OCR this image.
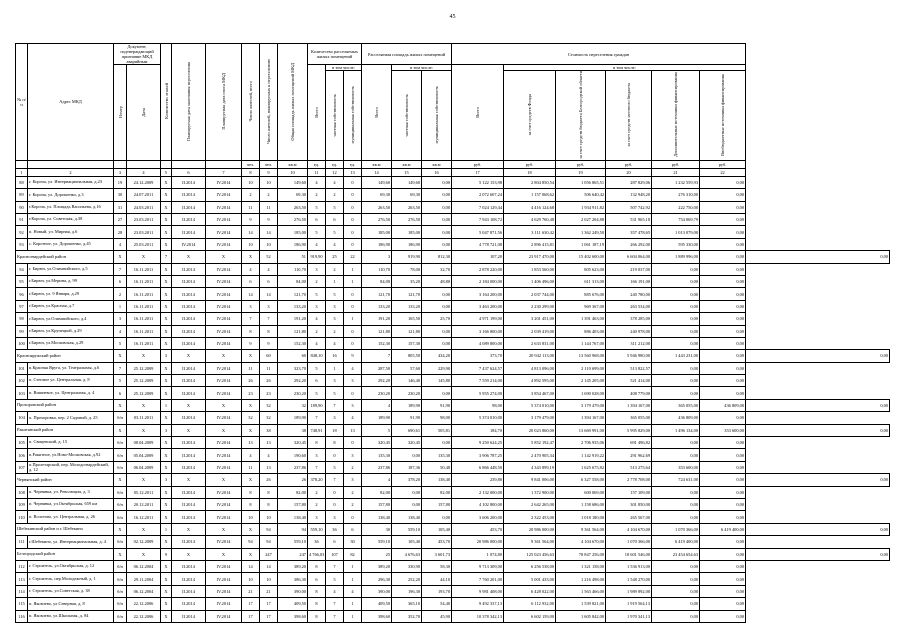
45
№ п/п	Адрес МКД	Документ, подтверждающий признание МКД аварийным		Количество этажей	Планируемая дата окончания переселения	Планируемая дата сноса МКД	Число жителей, всего	Число жителей, планируемых к переселению	Общая площадь жилых помещений МКД	Количество расселяемых жилых помещений			Расселяемая площадь жилых помещений			Стоимость переселения граждан						
		Номер	Дата							Всего	в том числе:		Всего	в том числе:		Всего	в том числе:					
											частная собственность	муниципальная собственность		частная собственность	муниципальная собственность		за счет средств Фонда	за счет средств бюджета Белгородской области	за счет средств местного бюджета	Дополнительные источники финансирования	Внебюджетные источники финансирования	
							чел.	чел.	кв.м	ед.	ед.	ед.	кв.м	кв.м	кв.м	руб.	руб.	руб.	руб.	руб.	руб.	
1	2	3	4	5	6	7	8	9	10	11	12	13	14	15	16	17	18	19	20	21	22	
88	г. Короча, ул. Интернациональная, д.23	19	24.12.2009	X	II.2014	IV.2014	10	10	149,60	4	4	0	149,60	149,60	0,00	5 122 153,98	2 804 850,54	1 056 865,51	287 829,06	1 232 559,93	0,00	
89	г. Короча, ул. Дорошенко, д.3	30	24.07.2011	X	II.2014	IV.2014	2	2	69,30	2	2	0	69,30	69,30	0,00	2 072 607,24	1 157 068,62	506 640,42	132 948,20	276 310,00	0,00	
90	г.Короча, ул. Площадь Васильева, д.16	31	24.03.2011	X	II.2014	IV.2014	11	11	263,50	5	5	0	263,50	263,50	0,00	7 024 129,44	4 416 124,68	1 934 911,82	507 742,92	222 750,00	0,00	
91	г.Короча, ул. Советская, д.38	27	23.03.2011	X	II.2014	IV.2014	9	9	276,50	6	6	0	276,50	276,50	0,00	7 943 108,72	4 629 760,48	2 027 204,88	531 965,18	754 069,79	0,00	
92	п. Новый, ул. Мирная, д.6	28	23.03.2011	X	II.2014	IV.2014	14	14	185,00	5	5	0	185,00	185,00	0,00	5 047 871,56	3 111 630,42	1 362 249,50	357 478,65	1 013 079,00	0,00	
93	с. Коротное, ул. Дорошенко, д.45	4	25.03.2011	X	IV.2014	IV.2014	10	10	186,90	4	4	0	186,90	186,90	0,00	4 778 721,08	2 896 415,81	1 061 187,19	266 292,00	595 330,00	0,00	
Красногвардейский район		X	X	7	X	X	X	52	51	919,90	25	22	3	919,90	812,30	107,20	23 917 470,00	15 402 600,00	6 604 064,00	1 889 996,00	0,00	0,00
94	г. Бирюч, ул.Олимпийского, д.5	7	16.11.2011	X	II.2014	IV.2014	4	4	110,70	3	2	1	110,70	78,00	32,70	2 878 220,00	1 853 560,00	805 623,00	219 037,00	0,00	0,00	
95	г.Бирюч, ул.Мерина, д. 99	6	16.11.2011	X	II.2014	IV.2014	6	6	84,00	2	1	1	84,00	35,20	48,80	2 184 000,00	1 406 496,00	611 313,00	166 191,00	0,00	0,00	
96	г.Бирюч, ул. 9 Января, д.29	2	16.11.2011	X	II.2014	IV.2014	14	14	121,70	5	5	0	121,70	121,70	0,00	3 164 200,00	2 037 744,00	885 676,00	240 780,00	0,00	0,00	
97	г.Бирюч, ул.Красная, д.7	1	16.11.2011	X	II.2014	IV.2014	3	3	133,20	3	3	0	133,20	133,20	0,00	3 463 200,00	2 230 299,00	969 367,00	263 534,00	0,00	0,00	
98	г.Бирюч, ул.Олимпийского, д.4	3	16.11.2011	X	II.2014	IV.2014	7	7	191,20	4	3	1	191,20	165,50	25,70	4 971 199,00	3 201 451,00	1 391 463,00	378 285,00	0,00	0,00	
99	г.Бирюч, ул.Крупецкой, д.29	4	16.11.2011	X	II.2014	IV.2014	8	8	121,80	2	2	0	121,80	121,80	0,00	3 166 800,00	2 039 419,00	886 403,00	240 978,00	0,00	0,00	
100	г.Бирюч, ул.Московская, д.29	5	16.11.2011	X	II.2014	IV.2014	9	9	152,30	4	4	0	152,30	157,30	0,00	4 089 800,00	2 633 831,00	1 144 767,00	311 212,00	0,00	0,00	
Краснояружский район		X	X	3	X	X	X	60	60	848,10	16	9	7	805,50	434,20	373,70	20 942 113,00	13 560 968,00	5 946 980,00	1 443 231,00	0,00	0,00
101	п.Красная Яруга, ул. Театральная, д.6	7	25.12.2009	X	II.2014	IV.2014	11	11	323,70	5	1	4	287,50	57,60	229,90	7 437 624,57	4 813 096,00	2 110 699,00	513 822,57	0,00	0,00	
102	п. Степное ул. Центральная, д. 8	5	25.12.2009	X	II.2014	IV.2014	26	26	292,20	6	3	3	292,20	146,40	145,80	7 559 214,00	4 892 595,00	2 145 205,00	521 414,00	0,00	0,00	
103	п. Вишневое, ул. Центральная, д. 4	6	25.12.2009	X	II.2014	IV.2014	23	23	230,20	5	5	0	230,20	230,20	0,00	5 955 274,00	3 854 467,00	1 690 028,00	408 779,00	0,00	0,00	
Прохоровский район		X	X	1	X	X	X	32	32	189,90	7	3	4	189,90	91,90	98,00	5 374 010,00	3 179 479,00	1 394 167,00	365 055,00	436 809,00	0,00
104	п. Прохоровка, пер. 2 Садовый, д. 25	б/н	03.11.2011	X	II.2014	IV.2014	32	32	189,90	7	3	4	189,90	91,90	98,00	5 374 010,00	3 179 479,00	1 394 167,00	365 055,00	436 809,00	0,00	
Ракитянский район		X	X	3	X	X	X	38	38	748,91	18	13	5	690,61	505,81	184,70	20 023 860,00	13 669 991,00	5 995 829,00	1 496 134,00	353 600,00	0,00
105	п. Свицевский, д. 15	б/н	08.04.2009	X	II.2014	IV.2014	13	13	320,45	8	8	0	320,45	320,45	0,00	9 250 624,25	5 852 192,47	2 706 935,06	691 496,82	0,00	0,00	
106	п.Ракитное, ул.Ново-Московская, д.92	б/н	05.04.2009	X	II.2014	IV.2014	4	4	190,60	3	0	3	135,30	0,00	135,30	3 906 787,25	2 470 905,34	1 142 919,22	291 962,69	0,00	0,00	
107	п.Пролетарский, пер. Молодогвардейский, д. 12	б/н	06.04.2009	X	II.2014	IV.2014	11	13	237,86	7	5	2	237,86	187,36	50,48	6 866 448,50	4 343 899,19	1 625 675,82	513 275,64	353 600,00	0,00	
Чернянский район		X	X	3	X	X	X	26	26	378,20	7	3	4	378,20	138,40	239,80	9 841 006,00	6 327 558,00	2 778 708,00	724 631,00	0,00	0,00
108	п. Чернянка, ул. Революции, д. 3	б/н	05.12.2011	X	II.2014	IV.2014	8	8	82,00	2	0	2	82,00	0,00	82,00	2 132 000,00	1 372 900,00	600 069,00	157 109,00	0,00	0,00	
109	п. Чернянка, ул.Октябрьская, 659 км	б/н	20.12.2011	X	II.2014	IV.2014	8	8	157,80	2	0	2	157,80	0,00	157,80	4 102 800,00	2 642 265,00	1 158 686,00	301 850,00	0,00	0,00	
110	п. Волотово, ул. Центральная, д. 26	б/н	16.12.2011	X	II.2014	IV.2014	10	10	138,40	3	3	0	138,40	138,40	0,00	3 606 200,00	2 322 453,00	1 018 180,00	265 567,00	0,00	0,00	
Шебекинский район и г. Шебекино		X	X	1	X	X	X	94	94	559,10	36	6	30	559,10	105,40	453,70	20 986 000,00	9 361 564,00	4 104 670,00	1 070 366,00	6 419 400,00	0,00
111	г.Шебекино, ул. Интернациональная, д. 4	б/н	02.12.2009	X	II.2014	IV.2014	94	94	559,10	36	6	30	559,10	105,40	453,70	20 986 000,00	9 361 564,00	4 104 670,00	1 070 366,00	6 419 400,00	0,00	
Белгородский район		X	X	9	X	X	X	247	247	4 766,03	107	82	25	4 676,63	3 601,73	1 074,80	125 023 456,63	78 847 256,00	18 601 546,00	23 454 654,63	0,00	0,00
112	г. Строитель, ул.Октябрьская, д. 12	б/н	06.12.2004	X	II.2014	IV.2014	14	14	389,20	8	7	1	389,20	330,90	58,30	9 713 309,00	6 256 538,00	1 321 158,00	1 536 913,00	0,00	0,00	
113	г. Строитель, пер.Молодежный, д. 1	б/н	29.11.2004	X	II.2014	IV.2014	10	10	386,30	6	5	1	296,30	252,20	44,10	7 760 201,00	5 001 433,00	1 216 498,00	1 548 270,00	0,00	0,00	
114	г. Строитель, ул.Советская, д. 38	б/н	06.12.2004	X	II.2014	IV.2014	21	21	390,00	8	4	4	390,00	196,30	193,70	9 981 408,00	6 428 022,00	1 563 466,00	1 989 892,00	0,00	0,00	
115	п. Яковлево, ул.Северная, д. 8	б/н	22.12.2006	X	II.2014	IV.2014	17	17	409,50	8	7	1	409,50	365,10	54,40	9 492 337,13	6 112 932,00	1 539 821,00	1 919 564,13	0,00	0,00	
116	п. Яковлево, ул.Школьная, д. 84	б/н	22.12.2006	X	II.2014	IV.2014	17	17	398,60	8	7	1	398,60	352,70	45,90	10 378 342,13	6 602 159,00	1 605 842,00	1 970 341,13	0,00	0,00	
